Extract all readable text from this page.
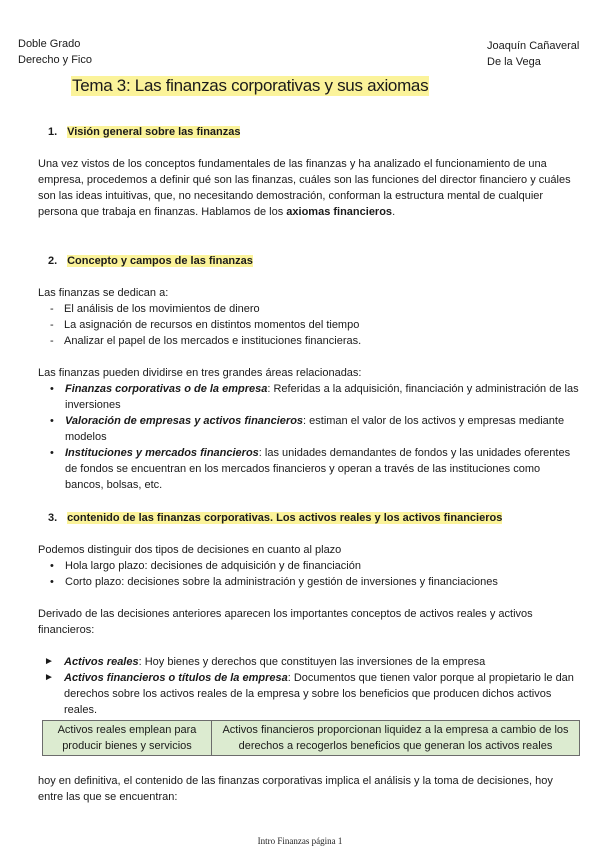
Doble Grado
Derecho y Fico
Joaquín Cañaveral
De la Vega
Tema 3: Las finanzas corporativas y sus axiomas
1. Visión general sobre las finanzas
Una vez vistos de los conceptos fundamentales de las finanzas y ha analizado el funcionamiento de una empresa, procedemos a definir qué son las finanzas, cuáles son las funciones del director financiero y cuáles son las ideas intuitivas, que, no necesitando demostración, conforman la estructura mental de cualquier persona que trabaja en finanzas. Hablamos de los axiomas financieros.
2. Concepto y campos de las finanzas
Las finanzas se dedican a:
- El análisis de los movimientos de dinero
- La asignación de recursos en distintos momentos del tiempo
- Analizar el papel de los mercados e instituciones financieras.
Las finanzas pueden dividirse en tres grandes áreas relacionadas:
• Finanzas corporativas o de la empresa: Referidas a la adquisición, financiación y administración de las inversiones
• Valoración de empresas y activos financieros: estiman el valor de los activos y empresas mediante modelos
• Instituciones y mercados financieros: las unidades demandantes de fondos y las unidades oferentes de fondos se encuentran en los mercados financieros y operan a través de las instituciones como bancos, bolsas, etc.
3. contenido de las finanzas corporativas. Los activos reales y los activos financieros
Podemos distinguir dos tipos de decisiones en cuanto al plazo
• Hola largo plazo: decisiones de adquisición y de financiación
• Corto plazo: decisiones sobre la administración y gestión de inversiones y financiaciones
Derivado de las decisiones anteriores aparecen los importantes conceptos de activos reales y activos financieros:
► Activos reales: Hoy bienes y derechos que constituyen las inversiones de la empresa
► Activos financieros o títulos de la empresa: Documentos que tienen valor porque al propietario le dan derechos sobre los activos reales de la empresa y sobre los beneficios que producen dichos activos reales.
Activos reales emplean para producir bienes y servicios	Activos financieros proporcionan liquidez a la empresa a cambio de los derechos a recogerlos beneficios que generan los activos reales
hoy en definitiva, el contenido de las finanzas corporativas implica el análisis y la toma de decisiones, hoy entre las que se encuentran:
Intro Finanzas página 1
